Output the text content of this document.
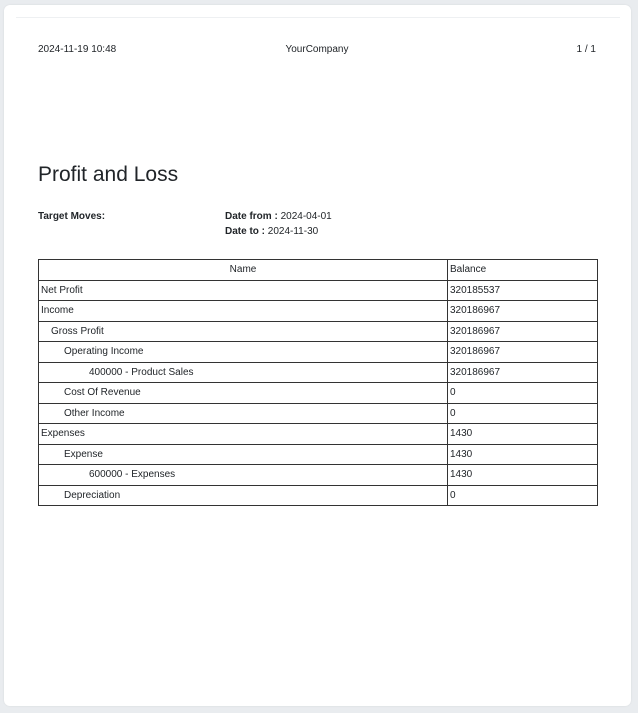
2024-11-19 10:48	YourCompany	1 / 1
Profit and Loss
Target Moves:	Date from : 2024-04-01
Date to : 2024-11-30
Name	Balance
Net Profit	320185537
Income	320186967
Gross Profit	320186967
Operating Income	320186967
400000 - Product Sales	320186967
Cost Of Revenue	0
Other Income	0
Expenses	1430
Expense	1430
600000 - Expenses	1430
Depreciation	0
